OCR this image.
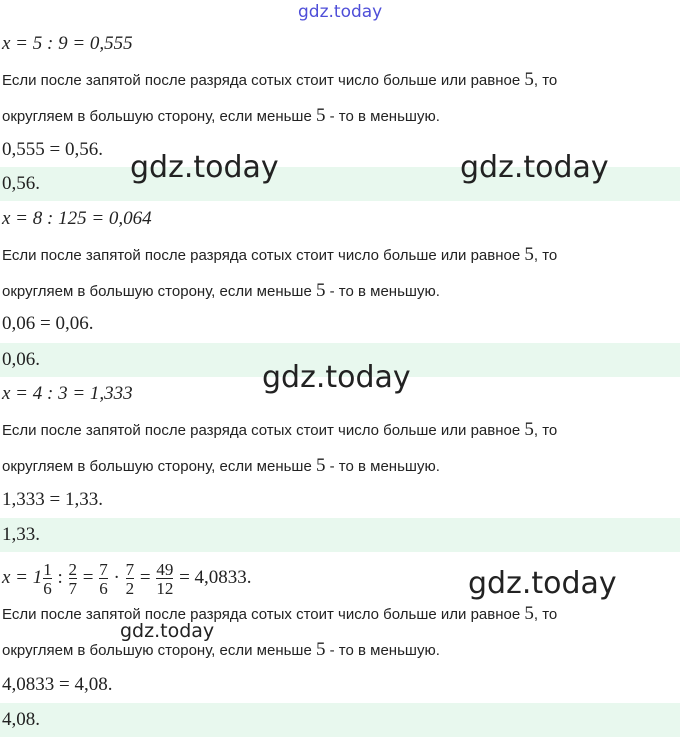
gdz.today
x = 5 : 9 = 0,555
Если после запятой после разряда сотых стоит число больше или равное 5, то
округляем в большую сторону, если меньше 5 - то в меньшую.
0,555 = 0,56.
0,56.
x = 8 : 125 = 0,064
Если после запятой после разряда сотых стоит число больше или равное 5, то
округляем в большую сторону, если меньше 5 - то в меньшую.
0,06 = 0,06.
0,06.
x = 4 : 3 = 1,333
Если после запятой после разряда сотых стоит число больше или равное 5, то
округляем в большую сторону, если меньше 5 - то в меньшую.
1,333 = 1,33.
1,33.
$x = 1 \frac{1}{6}$ : $\frac{2}{7} = \frac{7}{6} \cdot \frac{7}{2} = \frac{49}{12} = 4,0833$.
Если после запятой после разряда сотых стоит число больше или равное 5, то
округляем в большую сторону, если меньше 5 - то в меньшую.
4,0833 = 4,08.
4,08.
gdz.today	gdz.today
gdz.today
gdz.today
gdz.today
